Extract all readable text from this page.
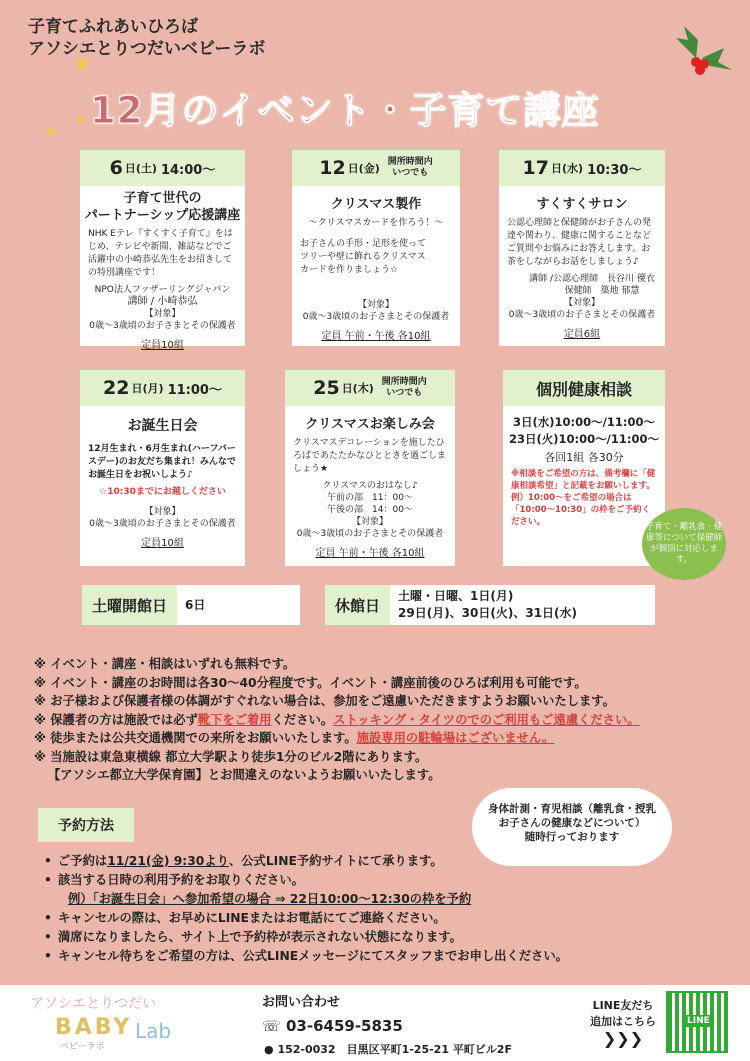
子育てふれあいひろば
アソシエとりつだいベビーラボ
★
★
★ 12月のイベント・子育て講座
6 日(土) 14:00〜
子育て世代の
パートナーシップ応援講座
NHK Eテレ『すくすく子育て』をはじめ、テレビや新聞、雑誌などでご活躍中の小崎恭弘先生をお招きしての特別講座です！
NPO法人ファザーリングジャパン
講師 / 小崎恭弘
【対象】
0歳〜3歳頃のお子さまとその保護者
定員10組
12 日(金) 開所時間内
いつでも
クリスマス製作
〜クリスマスカードを作ろう！〜
お子さんの手形・足形を使って
ツリーや壁に飾れるクリスマス
カードを作りましょう☆
【対象】
0歳〜3歳頃のお子さまとその保護者
定員 午前・午後 各10組
17 日(水) 10:30〜
すくすくサロン
公認心理師と保健師がお子さんの発達や関わり、健康に関することなどご質問やお悩みにお答えします。お茶をしながらお話をしましょう♪
講師 /公認心理師　長谷川 優衣
保健師　築地 郁慧
【対象】
0歳〜3歳頃のお子さまとその保護者
定員6組
22 日(月) 11:00〜
お誕生日会
12月生まれ・6月生まれ(ハーフバースデー)のお友だち集まれ！みんなでお誕生日をお祝いしよう♪
☆10:30までにお越しください
【対象】
0歳〜3歳頃のお子さまとその保護者
定員10組
25 日(木) 開所時間内
いつでも
クリスマスお楽しみ会
クリスマスデコレーションを施したひろばであたたかなひとときを過ごしましょう★
クリスマスのおはなし♪
午前の部　11：00〜
午後の部　14：00〜
【対象】
0歳〜3歳頃のお子さまとその保護者
定員 午前・午後 各10組
個別健康相談
3日(水)10:00〜/11:00〜
23日(火)10:00〜/11:00〜
各回1組 各30分
※相談をご希望の方は、備考欄に「健康相談希望」と記載をお願いします。
例）10:00〜をご希望の場合は「10:00〜10:30」の枠をご予約ください。	子育て・離乳食・健康等について保健師が個別に対応します。
土曜開館日	6日	休館日
土曜・日曜、1日(月)
29日(月)、30日(火)、31日(水)
※ イベント・講座・相談はいずれも無料です。
※ イベント・講座のお時間は各30〜40分程度です。イベント・講座前後のひろば利用も可能です。
※ お子様および保護者様の体調がすぐれない場合は、参加をご遠慮いただきますようお願いいたします。
※ 保護者の方は施設では必ず靴下をご着用ください。ストッキング・タイツのでのご利用もご遠慮ください。
※ 徒歩または公共交通機関での来所をお願いいたします。施設専用の駐輪場はございません。
※ 当施設は東急東横線 都立大学駅より徒歩1分のビル2階にあります。
【アソシエ都立大学保育園】とお間違えのないようお願いいたします。
予約方法
• ご予約は11/21(金) 9:30より、公式LINE予約サイトにて承ります。
• 該当する日時の利用予約をお取りください。
例）「お誕生日会」へ参加希望の場合 ⇒ 22日10:00〜12:30の枠を予約
• キャンセルの際は、お早めにLINEまたはお電話にてご連絡ください。
• 満席になりましたら、サイト上で予約枠が表示されない状態になります。
• キャンセル待ちをご希望の方は、公式LINEメッセージにてスタッフまでお申し出ください。
身体計測・育児相談（離乳食・授乳
お子さんの健康などについて）
随時行っております
アソシエとりつだい
BABY Lab
ベビーラボ
お問い合わせ
☏ 03-6459-5835
● 152-0032　目黒区平町1-25-21 平町ビル2F
LINE友だち
追加はこちら
❯❯❯
LINE
